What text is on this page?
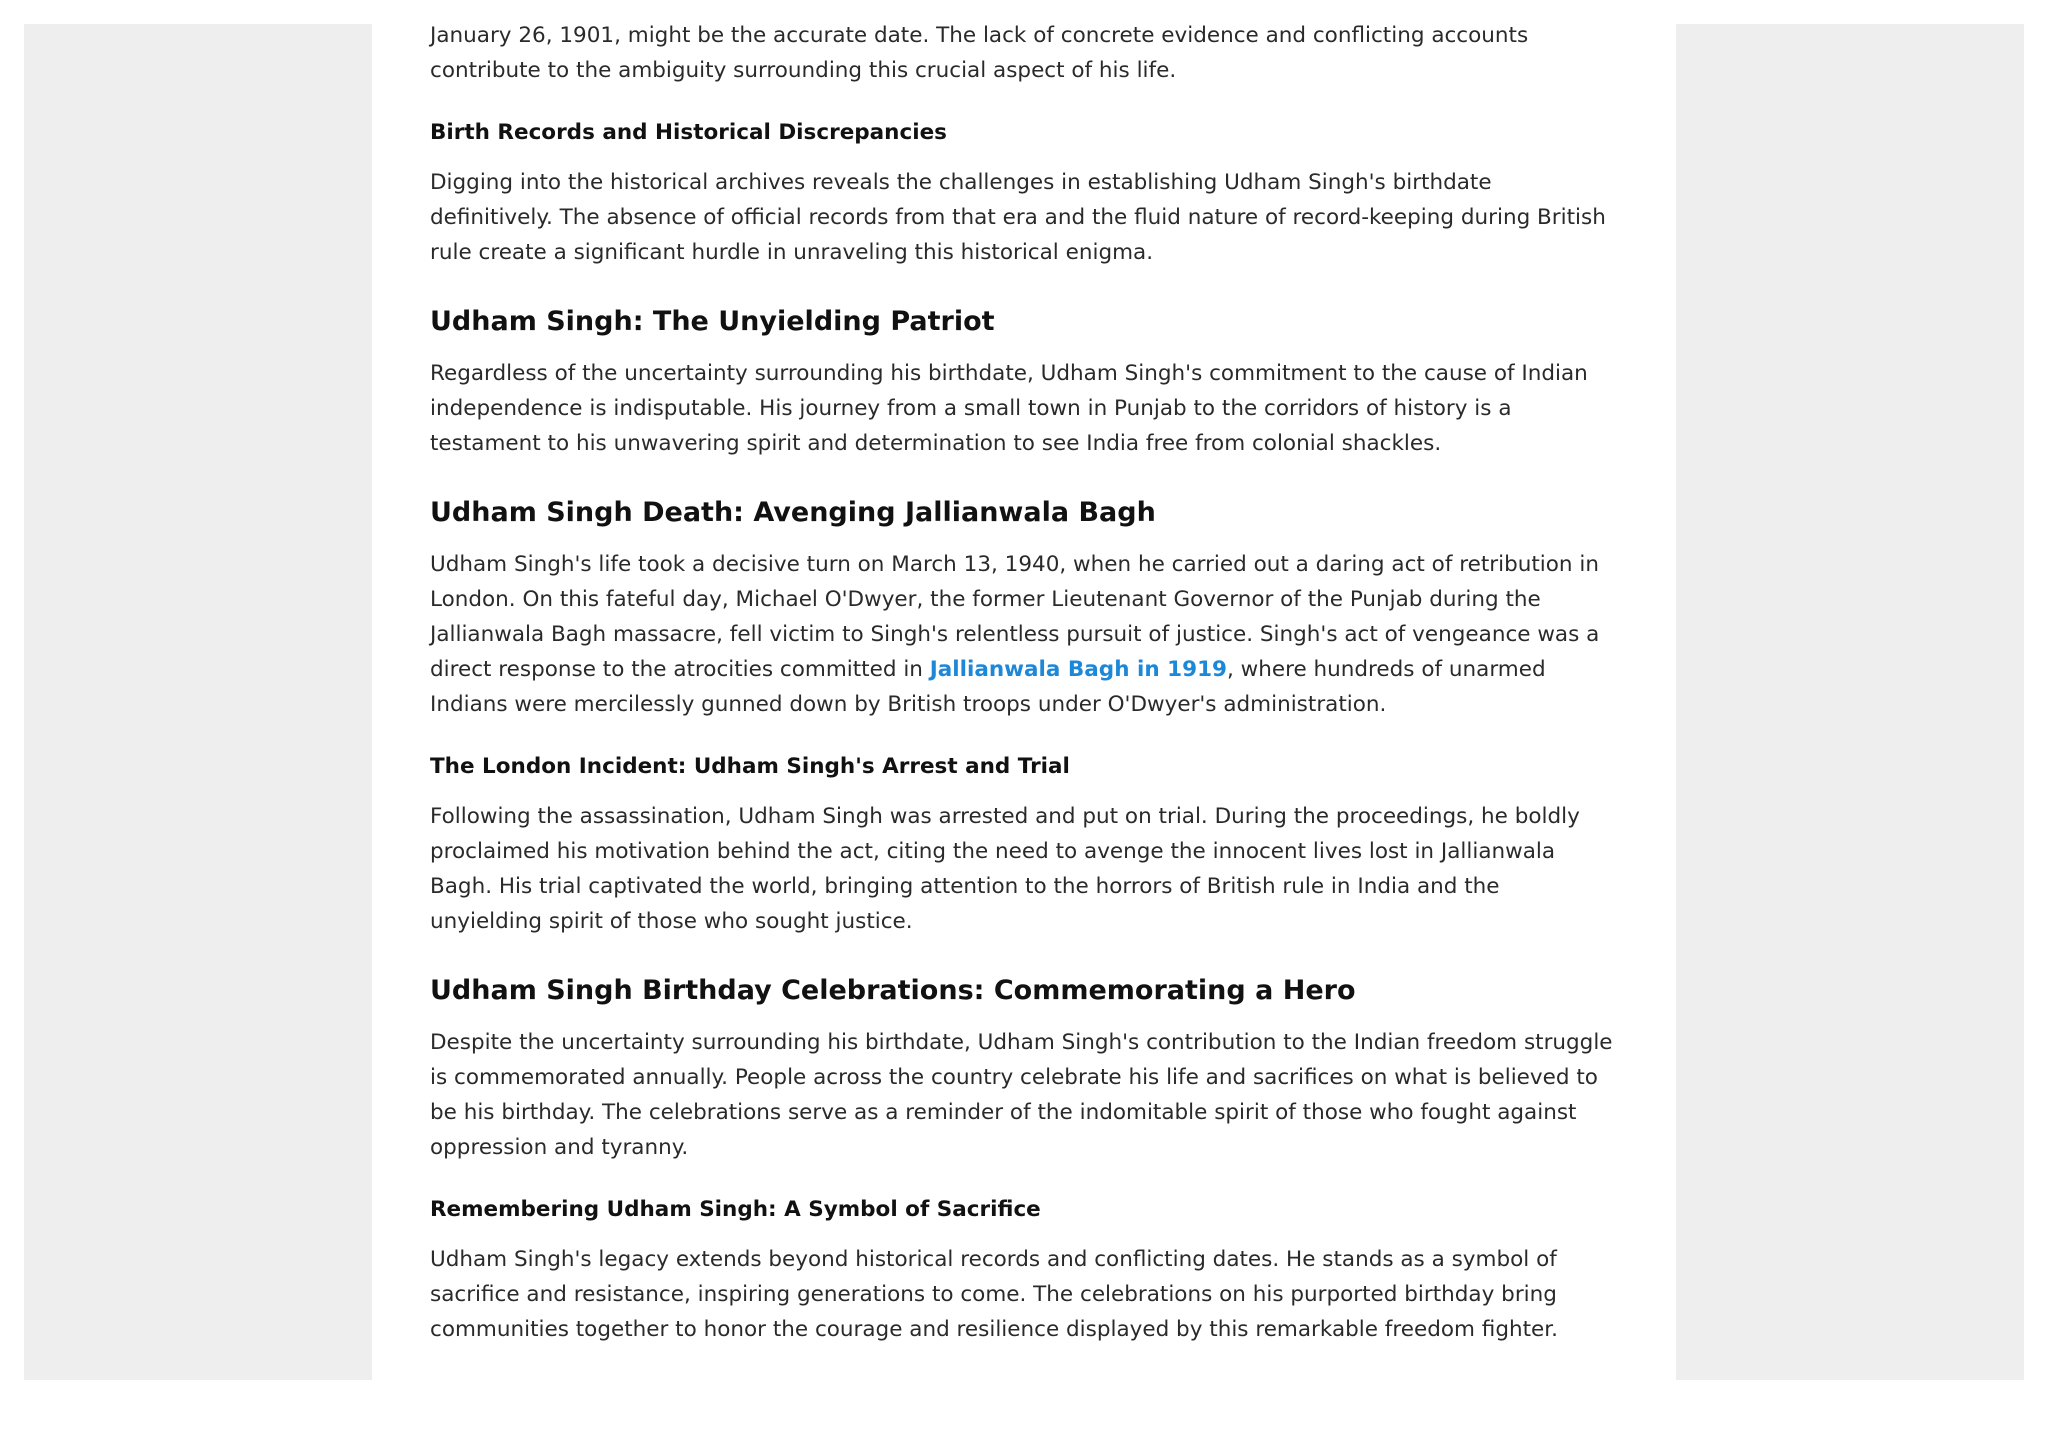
January 26, 1901, might be the accurate date. The lack of concrete evidence and conflicting accounts contribute to the ambiguity surrounding this crucial aspect of his life.

Birth Records and Historical Discrepancies

Digging into the historical archives reveals the challenges in establishing Udham Singh's birthdate definitively. The absence of official records from that era and the fluid nature of record-keeping during British rule create a significant hurdle in unraveling this historical enigma.

Udham Singh: The Unyielding Patriot

Regardless of the uncertainty surrounding his birthdate, Udham Singh's commitment to the cause of Indian independence is indisputable. His journey from a small town in Punjab to the corridors of history is a testament to his unwavering spirit and determination to see India free from colonial shackles.

Udham Singh Death: Avenging Jallianwala Bagh

Udham Singh's life took a decisive turn on March 13, 1940, when he carried out a daring act of retribution in London. On this fateful day, Michael O'Dwyer, the former Lieutenant Governor of the Punjab during the Jallianwala Bagh massacre, fell victim to Singh's relentless pursuit of justice. Singh's act of vengeance was a direct response to the atrocities committed in Jallianwala Bagh in 1919, where hundreds of unarmed Indians were mercilessly gunned down by British troops under O'Dwyer's administration.

The London Incident: Udham Singh's Arrest and Trial

Following the assassination, Udham Singh was arrested and put on trial. During the proceedings, he boldly proclaimed his motivation behind the act, citing the need to avenge the innocent lives lost in Jallianwala Bagh. His trial captivated the world, bringing attention to the horrors of British rule in India and the unyielding spirit of those who sought justice.

Udham Singh Birthday Celebrations: Commemorating a Hero

Despite the uncertainty surrounding his birthdate, Udham Singh's contribution to the Indian freedom struggle is commemorated annually. People across the country celebrate his life and sacrifices on what is believed to be his birthday. The celebrations serve as a reminder of the indomitable spirit of those who fought against oppression and tyranny.

Remembering Udham Singh: A Symbol of Sacrifice

Udham Singh's legacy extends beyond historical records and conflicting dates. He stands as a symbol of sacrifice and resistance, inspiring generations to come. The celebrations on his purported birthday bring communities together to honor the courage and resilience displayed by this remarkable freedom fighter.
